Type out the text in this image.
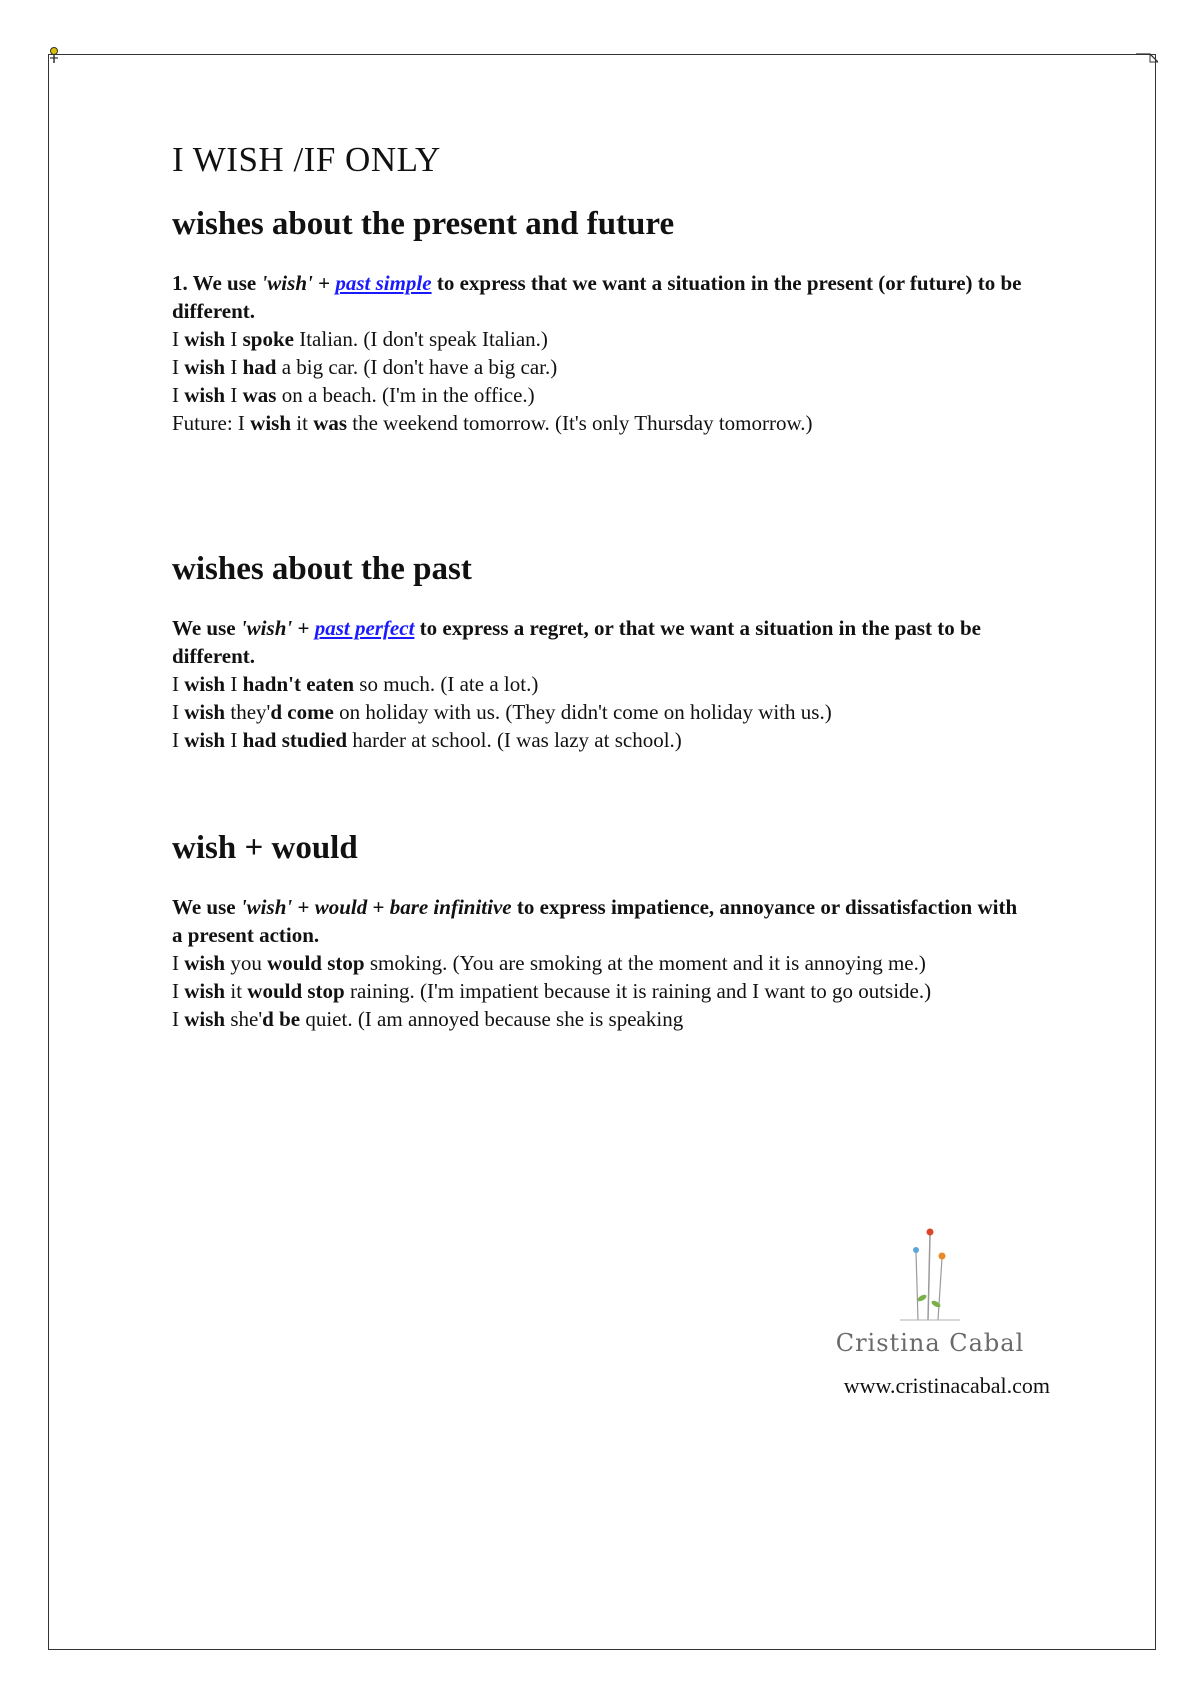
I WISH /IF ONLY
wishes about the present and future

1. We use 'wish' + past simple to express that we want a situation in the present (or future) to be different.

I wish I spoke Italian. (I don't speak Italian.)

I wish I had a big car. (I don't have a big car.)

I wish I was on a beach. (I'm in the office.)

Future: I wish it was the weekend tomorrow. (It's only Thursday tomorrow.)

wishes about the past

We use 'wish' + past perfect to express a regret, or that we want a situation in the past to be different.

I wish I hadn't eaten so much. (I ate a lot.)

I wish they'd come on holiday with us. (They didn't come on holiday with us.)

I wish I had studied harder at school. (I was lazy at school.)

wish + would

We use 'wish' + would + bare infinitive to express impatience, annoyance or dissatisfaction with a present action.

I wish you would stop smoking. (You are smoking at the moment and it is annoying me.)

I wish it would stop raining. (I'm impatient because it is raining and I want to go outside.)

I wish she'd be quiet. (I am annoyed because she is speaking

Cristina Cabal
www.cristinacabal.com
